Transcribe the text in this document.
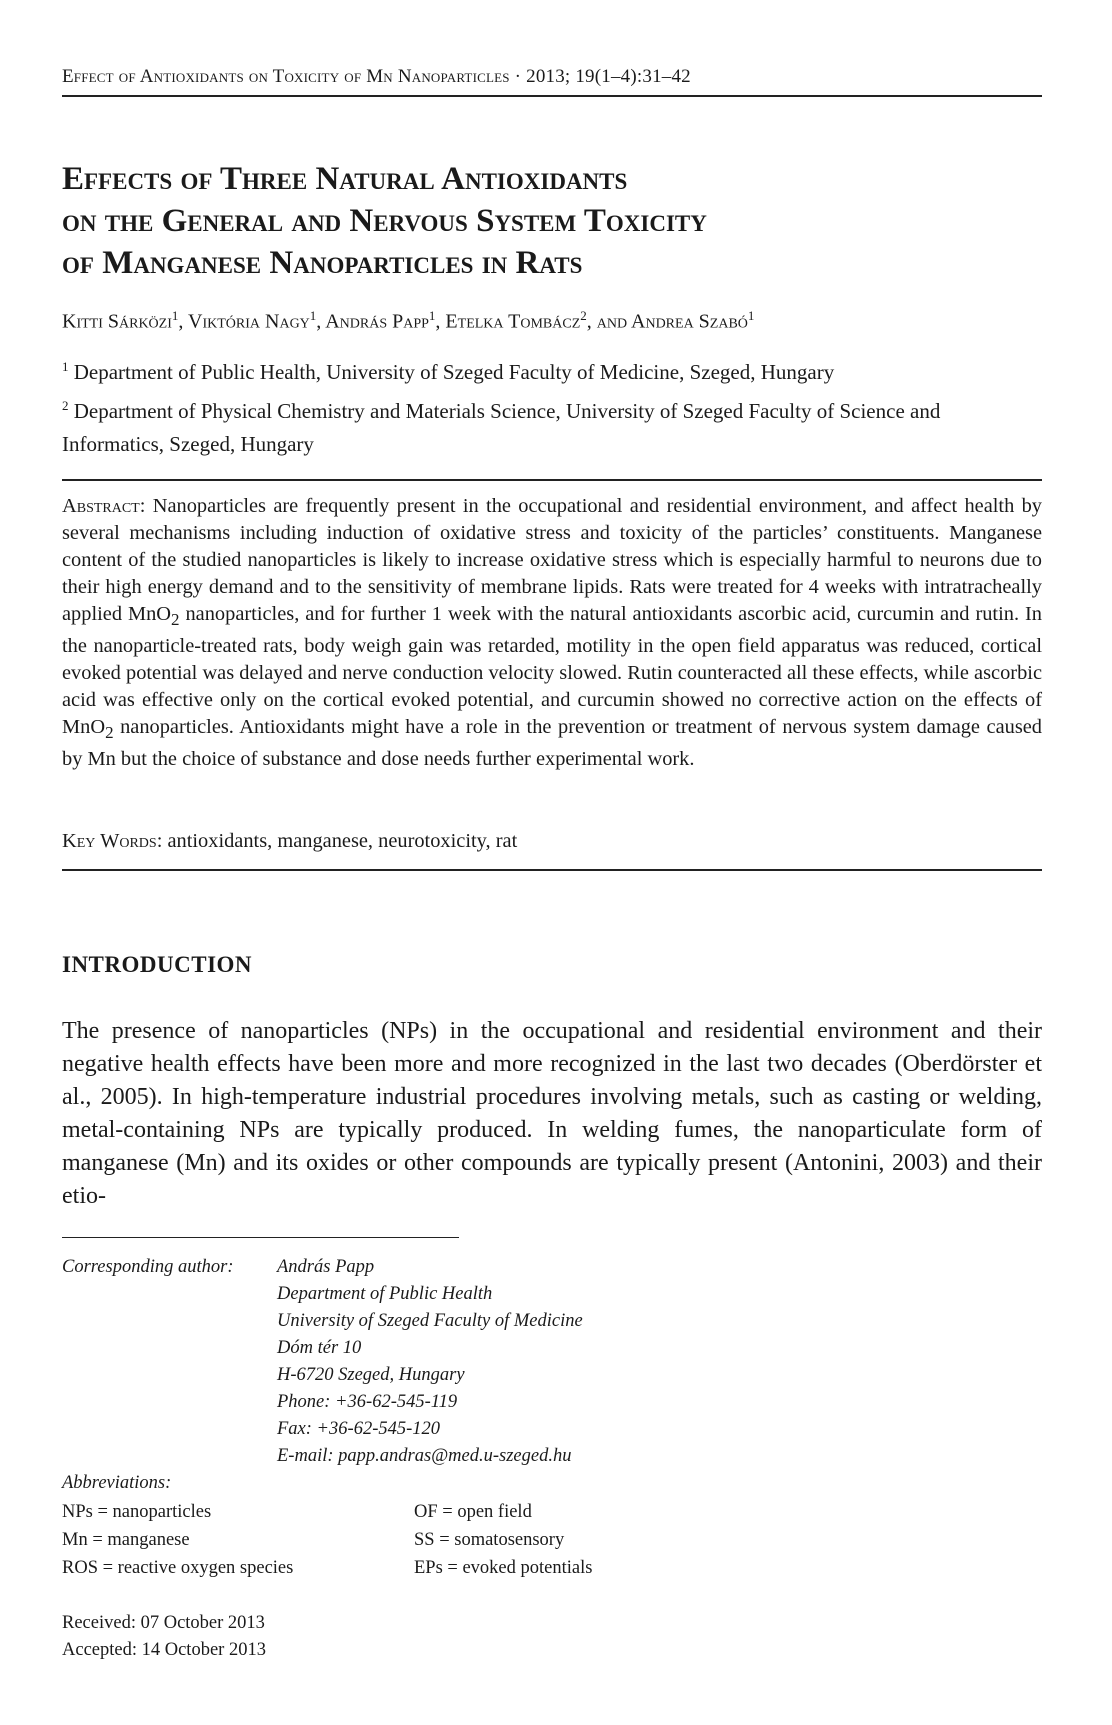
Effect of Antioxidants on Toxicity of Mn Nanoparticles · 2013; 19(1–4):31–42
Effects of Three Natural Antioxidants
on the General and Nervous System Toxicity
of Manganese Nanoparticles in Rats
Kitti Sárközi$^1$, Viktória Nagy$^1$, András Papp$^1$, Etelka Tombácz$^2$, and Andrea Szabó$^1$
$^1$ Department of Public Health, University of Szeged Faculty of Medicine, Szeged, Hungary
$^2$ Department of Physical Chemistry and Materials Science, University of Szeged Faculty of Science and Informatics, Szeged, Hungary
Abstract: Nanoparticles are frequently present in the occupational and residential environment, and affect health by several mechanisms including induction of oxidative stress and toxicity of the particles’ constituents. Manganese content of the studied nanoparticles is likely to increase oxidative stress which is especially harmful to neurons due to their high energy demand and to the sensitivity of membrane lipids. Rats were treated for 4 weeks with intratracheally applied MnO$_2$ nanoparticles, and for further 1 week with the natural antioxidants ascorbic acid, curcumin and rutin. In the nanoparticle-treated rats, body weigh gain was retarded, motility in the open field apparatus was reduced, cortical evoked potential was delayed and nerve conduction velocity slowed. Rutin counteracted all these effects, while ascorbic acid was effective only on the cortical evoked potential, and curcumin showed no corrective action on the effects of MnO$_2$ nanoparticles. Antioxidants might have a role in the prevention or treatment of nervous system damage caused by Mn but the choice of substance and dose needs further experimental work.
Key Words: antioxidants, manganese, neurotoxicity, rat
INTRODUCTION
The presence of nanoparticles (NPs) in the occupational and residential environment and their negative health effects have been more and more recognized in the last two decades (Oberdörster et al., 2005). In high-temperature industrial procedures involving metals, such as casting or welding, metal-containing NPs are typically produced. In welding fumes, the nanoparticulate form of manganese (Mn) and its oxides or other compounds are typically present (Antonini, 2003) and their etio-
Corresponding author: András Papp
Department of Public Health
University of Szeged Faculty of Medicine
Dóm tér 10
H-6720 Szeged, Hungary
Phone: +36-62-545-119
Fax: +36-62-545-120
E-mail: papp.andras@med.u-szeged.hu
Abbreviations:
NPs = nanoparticles	OF = open field
Mn = manganese	SS = somatosensory
ROS = reactive oxygen species	EPs = evoked potentials
Received: 07 October 2013
Accepted: 14 October 2013
